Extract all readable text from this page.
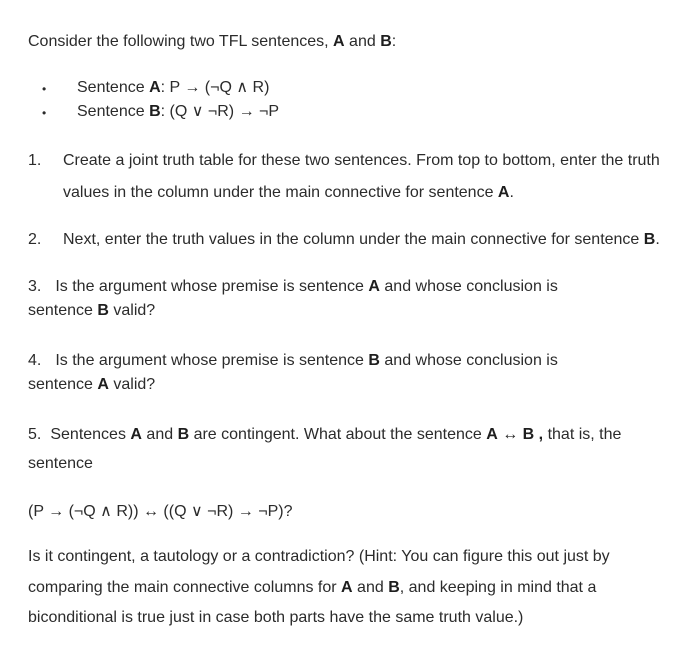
Consider the following two TFL sentences, A and B:
• Sentence A: P → (¬Q ∧ R)
• Sentence B: (Q ∨ ¬R) → ¬P
1. Create a joint truth table for these two sentences. From top to bottom, enter the truth
values in the column under the main connective for sentence A.
2. Next, enter the truth values in the column under the main connective for sentence B.
3. Is the argument whose premise is sentence A and whose conclusion is
sentence B valid?
4. Is the argument whose premise is sentence B and whose conclusion is
sentence A valid?
5. Sentences A and B are contingent. What about the sentence A ↔ B , that is, the
sentence
(P → (¬Q ∧ R)) ↔ ((Q ∨ ¬R) → ¬P)?
Is it contingent, a tautology or a contradiction? (Hint: You can figure this out just by
comparing the main connective columns for A and B, and keeping in mind that a
biconditional is true just in case both parts have the same truth value.)
